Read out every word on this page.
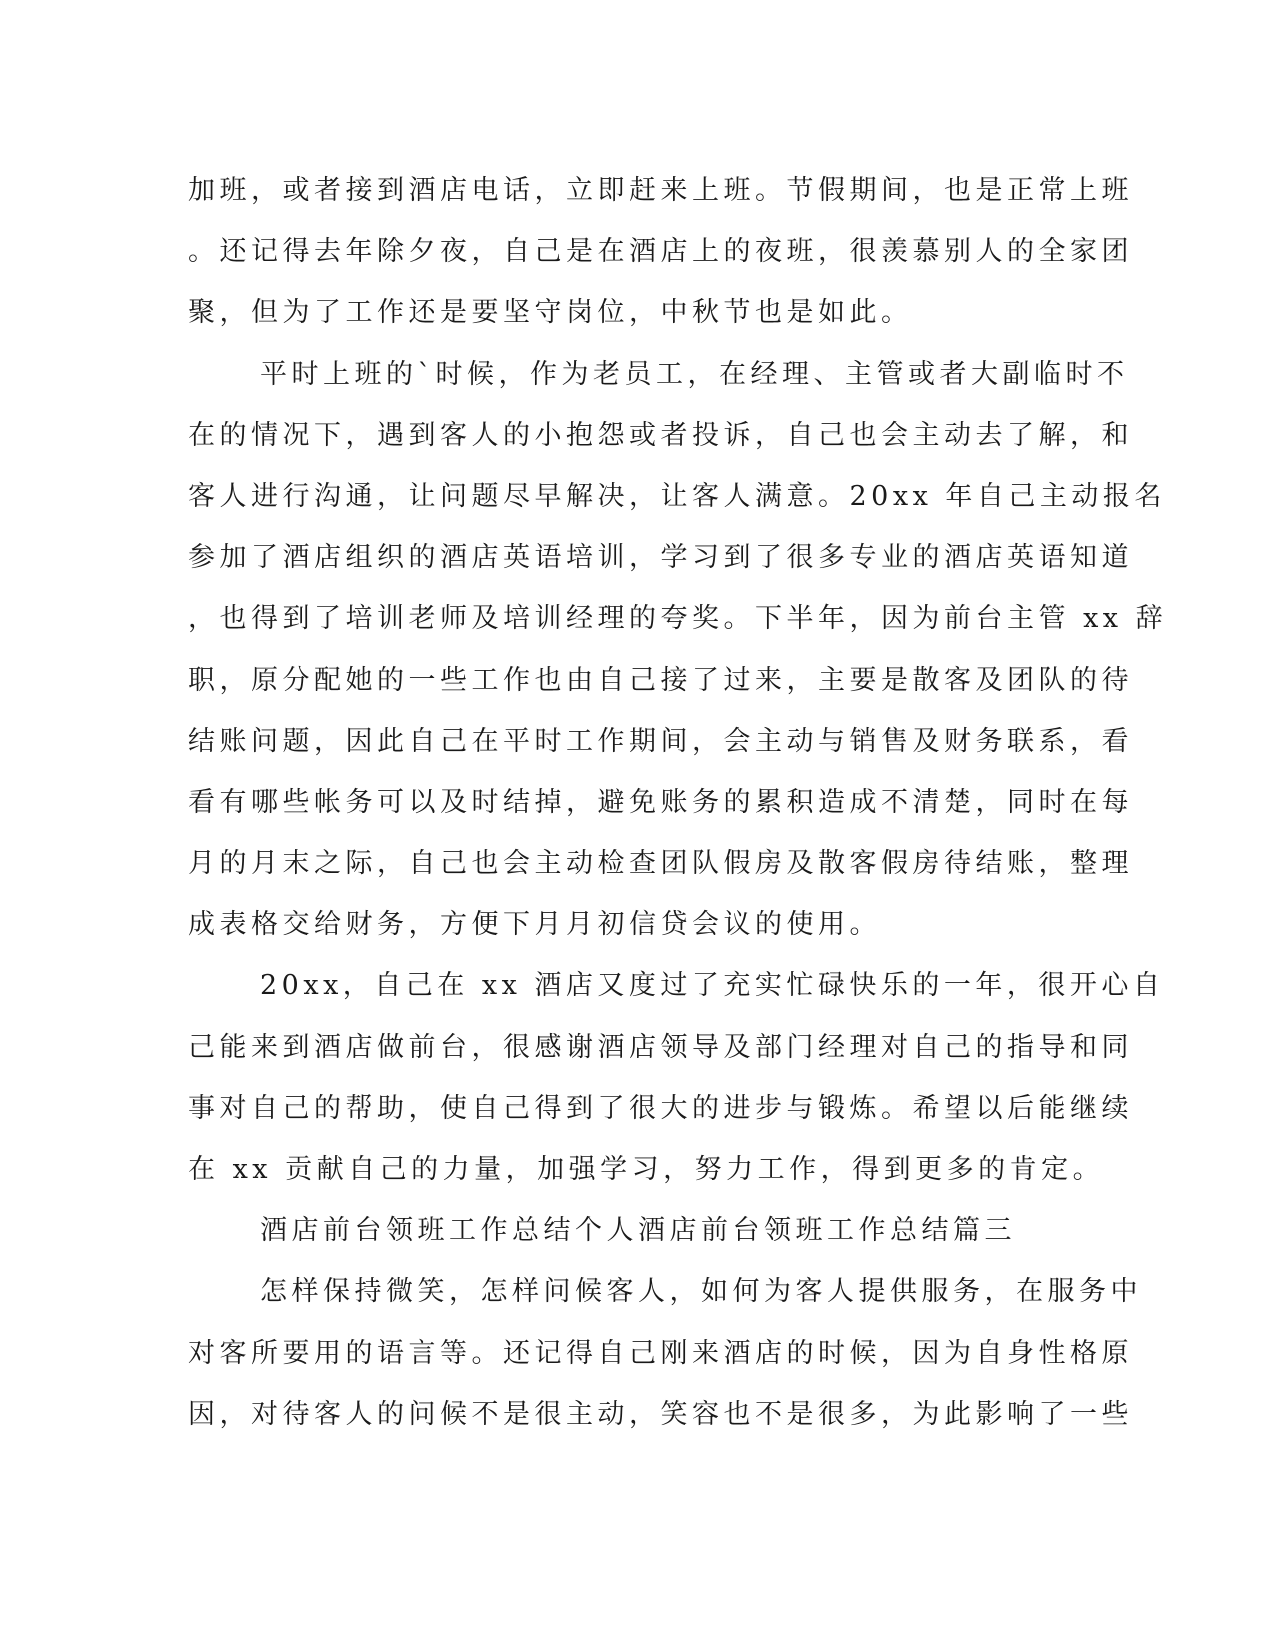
加班，或者接到酒店电话，立即赶来上班。节假期间，也是正常上班
。还记得去年除夕夜，自己是在酒店上的夜班，很羡慕别人的全家团
聚，但为了工作还是要坚守岗位，中秋节也是如此。
平时上班的`时候，作为老员工，在经理、主管或者大副临时不
在的情况下，遇到客人的小抱怨或者投诉，自己也会主动去了解，和
客人进行沟通，让问题尽早解决，让客人满意。20xx 年自己主动报名
参加了酒店组织的酒店英语培训，学习到了很多专业的酒店英语知道
，也得到了培训老师及培训经理的夸奖。下半年，因为前台主管 xx 辞
职，原分配她的一些工作也由自己接了过来，主要是散客及团队的待
结账问题，因此自己在平时工作期间，会主动与销售及财务联系，看
看有哪些帐务可以及时结掉，避免账务的累积造成不清楚，同时在每
月的月末之际，自己也会主动检查团队假房及散客假房待结账，整理
成表格交给财务，方便下月月初信贷会议的使用。
20xx，自己在 xx 酒店又度过了充实忙碌快乐的一年，很开心自
己能来到酒店做前台，很感谢酒店领导及部门经理对自己的指导和同
事对自己的帮助，使自己得到了很大的进步与锻炼。希望以后能继续
在 xx 贡献自己的力量，加强学习，努力工作，得到更多的肯定。
酒店前台领班工作总结个人酒店前台领班工作总结篇三
怎样保持微笑，怎样问候客人，如何为客人提供服务，在服务中
对客所要用的语言等。还记得自己刚来酒店的时候，因为自身性格原
因，对待客人的问候不是很主动，笑容也不是很多，为此影响了一些
